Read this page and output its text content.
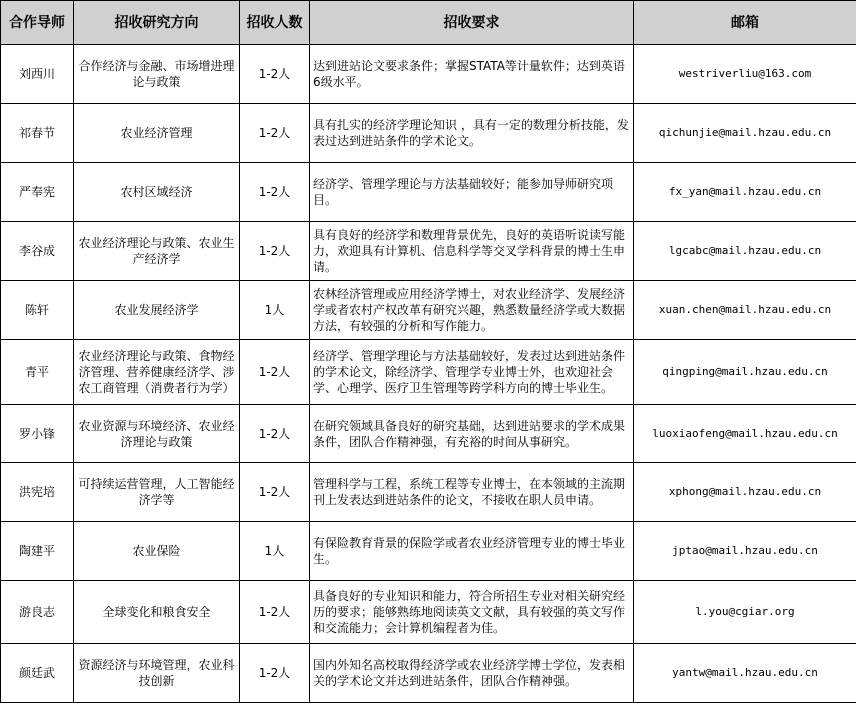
合作导师	招收研究方向	招收人数	招收要求	邮箱
刘西川	合作经济与金融、市场增进理论与政策	1-2人	达到进站论文要求条件；掌握STATA等计量软件；达到英语6级水平。	westriverliu@163.com
祁春节	农业经济管理	1-2人	具有扎实的经济学理论知识 ，具有一定的数理分析技能，发表过达到进站条件的学术论文。	qichunjie@mail.hzau.edu.cn
严奉宪	农村区域经济	1-2人	经济学、管理学理论与方法基础较好；能参加导师研究项目。	fx_yan@mail.hzau.edu.cn
李谷成	农业经济理论与政策、农业生产经济学	1-2人	具有良好的经济学和数理背景优先，良好的英语听说读写能力，欢迎具有计算机、信息科学等交叉学科背景的博士生申请。	lgcabc@mail.hzau.edu.cn
陈轩	农业发展经济学	1人	农林经济管理或应用经济学博士，对农业经济学、发展经济学或者农村产权改革有研究兴趣，熟悉数量经济学或大数据方法，有较强的分析和写作能力。	xuan.chen@mail.hzau.edu.cn
青平	农业经济理论与政策、食物经济管理、营养健康经济学、涉农工商管理（消费者行为学）	1-2人	经济学、管理学理论与方法基础较好，发表过达到进站条件的学术论文，除经济学、管理学专业博士外，也欢迎社会学、心理学、医疗卫生管理等跨学科方向的博士毕业生。	qingping@mail.hzau.edu.cn
罗小锋	农业资源与环境经济、农业经济理论与政策	1-2人	在研究领域具备良好的研究基础，达到进站要求的学术成果条件，团队合作精神强，有充裕的时间从事研究。	luoxiaofeng@mail.hzau.edu.cn
洪宪培	可持续运营管理，人工智能经济学等	1-2人	管理科学与工程，系统工程等专业博士，在本领域的主流期刊上发表达到进站条件的论文，不接收在职人员申请。	xphong@mail.hzau.edu.cn
陶建平	农业保险	1人	有保险教育背景的保险学或者农业经济管理专业的博士毕业生。	jptao@mail.hzau.edu.cn
游良志	全球变化和粮食安全	1-2人	具备良好的专业知识和能力，符合所招生专业对相关研究经历的要求；能够熟练地阅读英文文献，具有较强的英文写作和交流能力；会计算机编程者为佳。	l.you@cgiar.org
颜廷武	资源经济与环境管理，农业科技创新	1-2人	国内外知名高校取得经济学或农业经济学博士学位，发表相关的学术论文并达到进站条件，团队合作精神强。	yantw@mail.hzau.edu.cn
